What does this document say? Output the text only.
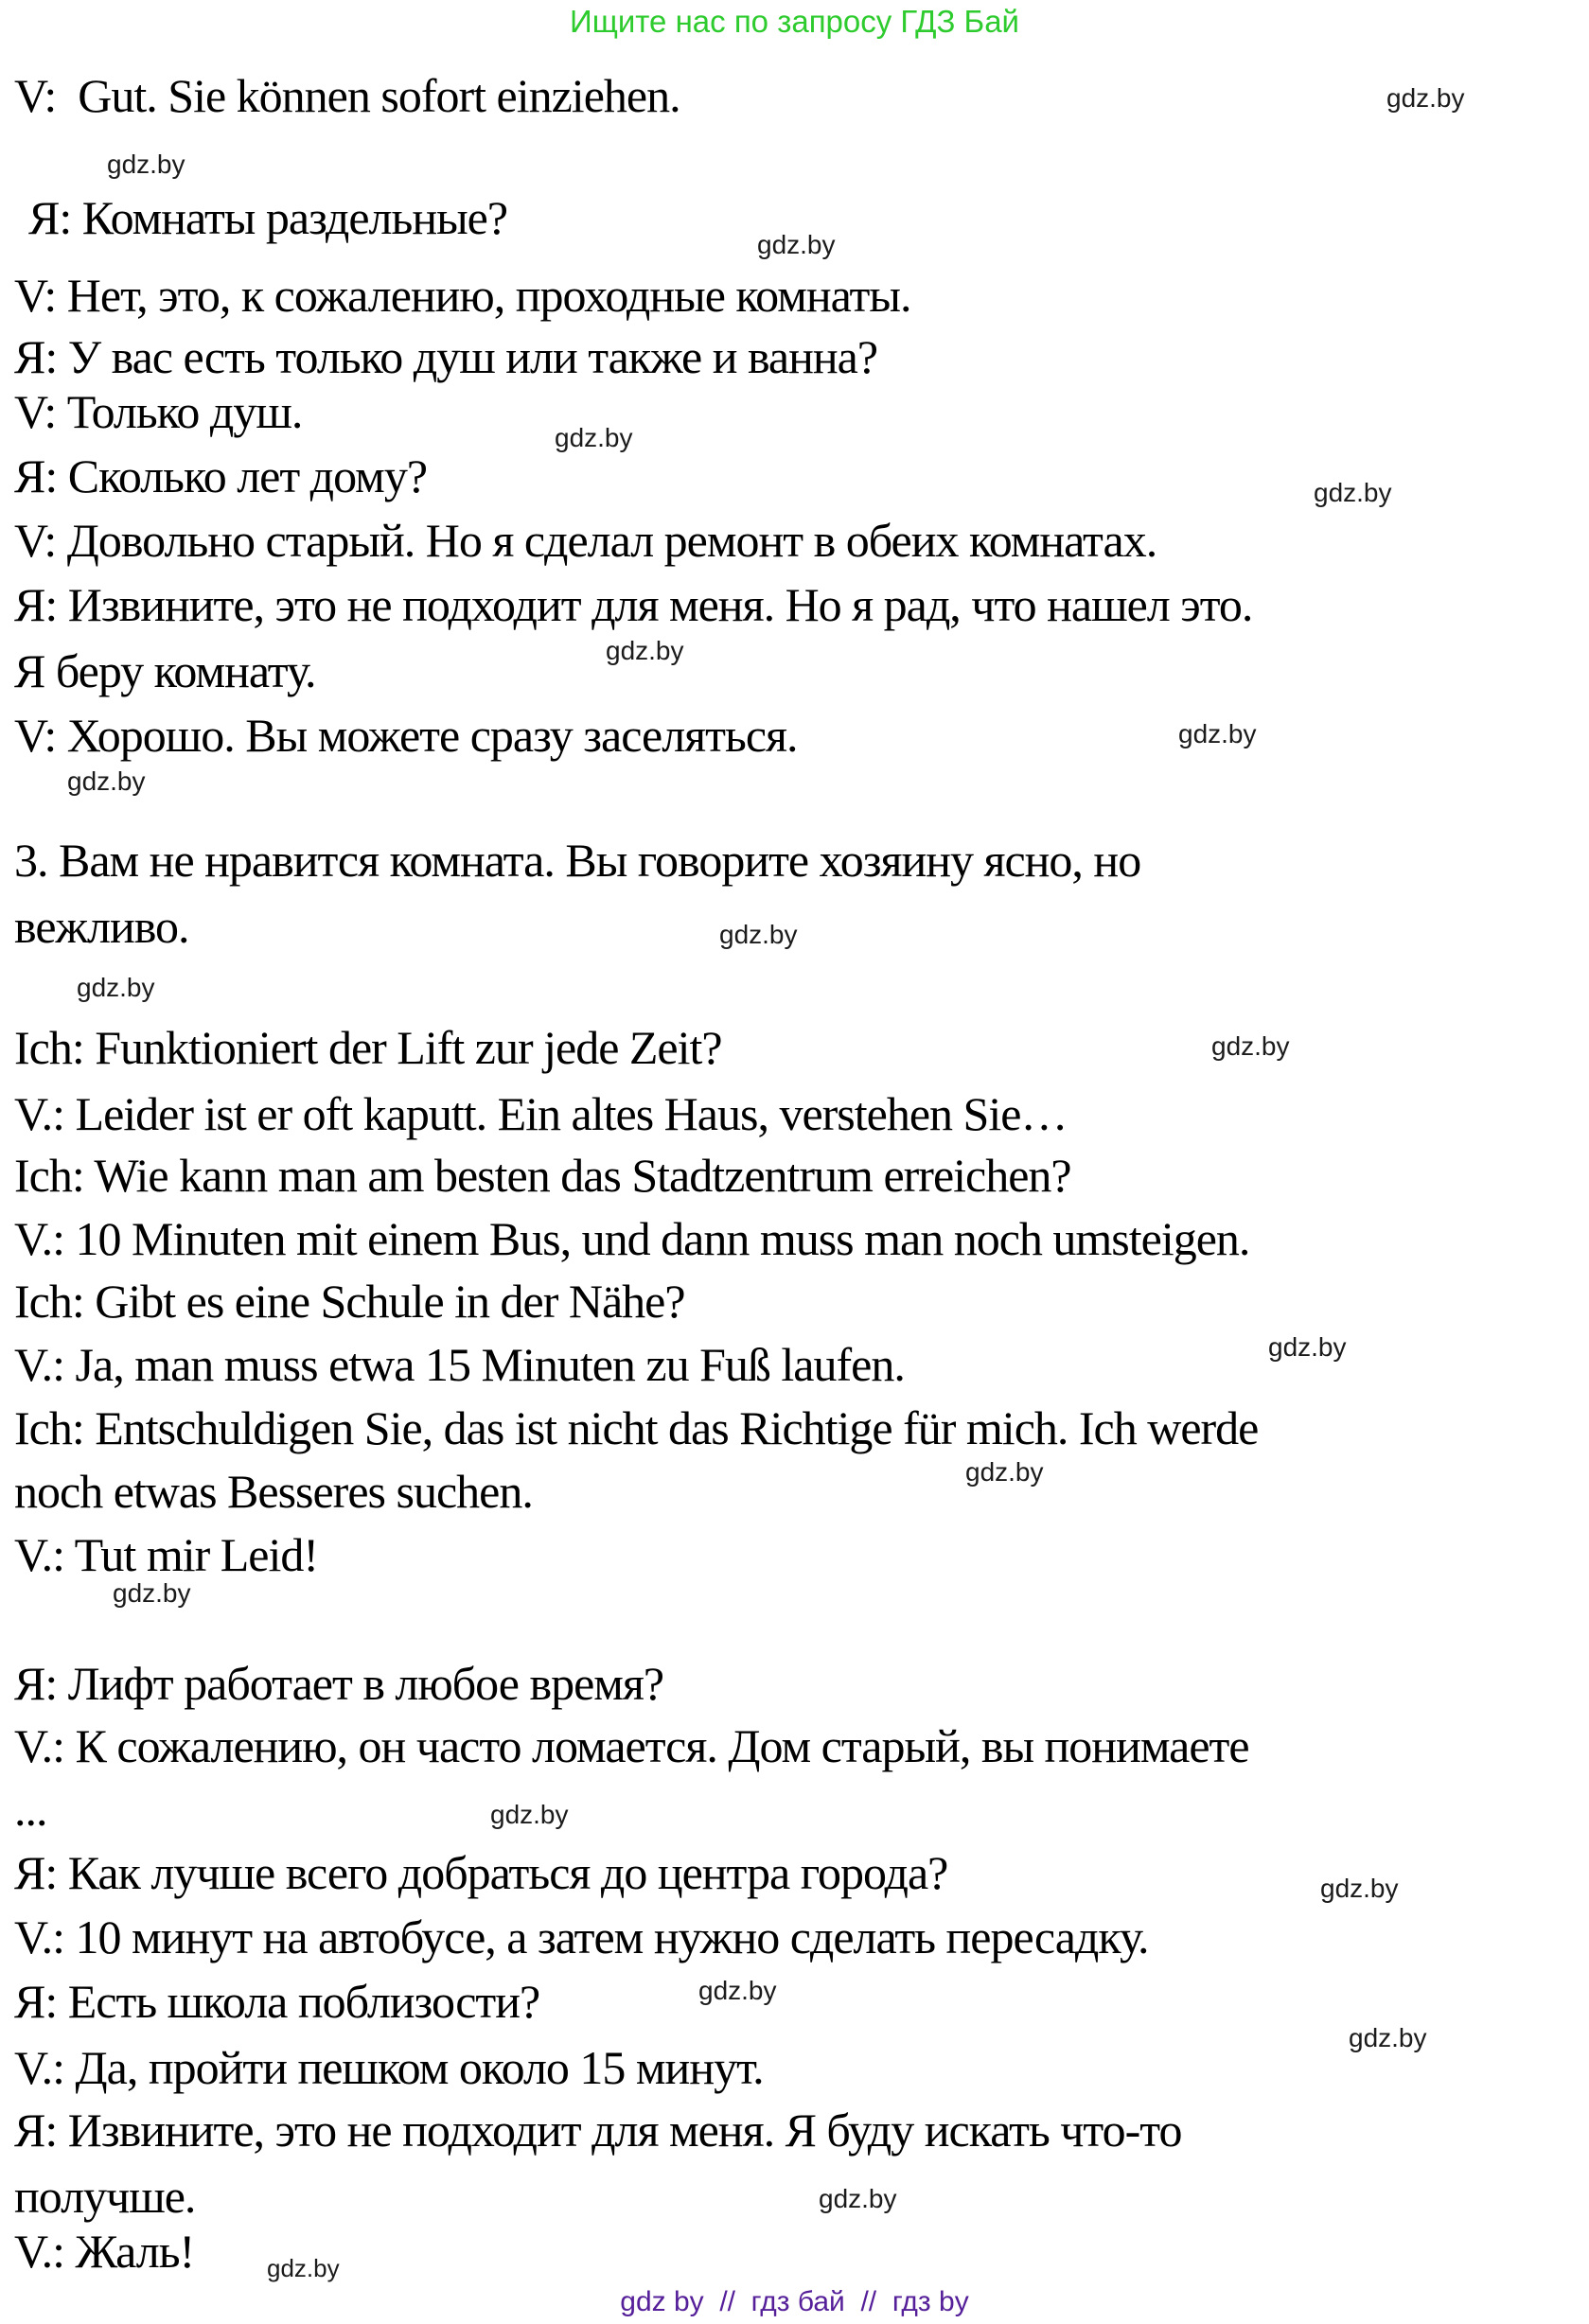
Ищите нас по запросу ГДЗ Бай
V:  Gut. Sie können sofort einziehen.
Я: Комнаты раздельные?
V: Нет, это, к сожалению, проходные комнаты.
Я: У вас есть только душ или также и ванна?
V: Только душ.
Я: Сколько лет дому?
V: Довольно старый. Но я сделал ремонт в обеих комнатах.
Я: Извините, это не подходит для меня. Но я рад, что нашел это.
Я беру комнату.
V: Хорошо. Вы можете сразу заселяться.
3. Вам не нравится комната. Вы говорите хозяину ясно, но
вежливо.
Ich: Funktioniert der Lift zur jede Zeit?
V.: Leider ist er oft kaputt. Ein altes Haus, verstehen Sie…
Ich: Wie kann man am besten das Stadtzentrum erreichen?
V.: 10 Minuten mit einem Bus, und dann muss man noch umsteigen.
Ich: Gibt es eine Schule in der Nähe?
V.: Ja, man muss etwa 15 Minuten zu Fuß laufen.
Ich: Entschuldigen Sie, das ist nicht das Richtige für mich. Ich werde
noch etwas Besseres suchen.
V.: Tut mir Leid!
Я: Лифт работает в любое время?
V.: К сожалению, он часто ломается. Дом старый, вы понимаете
...
Я: Как лучше всего добраться до центра города?
V.: 10 минут на автобусе, а затем нужно сделать пересадку.
Я: Есть школа поблизости?
V.: Да, пройти пешком около 15 минут.
Я: Извините, это не подходит для меня. Я буду искать что-то
получше.
V.: Жаль!
gdz.by
gdz.by
gdz.by
gdz.by
gdz.by
gdz.by
gdz.by
gdz.by
gdz.by
gdz.by
gdz.by
gdz.by
gdz.by
gdz.by
gdz.by
gdz.by
gdz.by
gdz.by
gdz.by
gdz.by
gdz by  //  гдз бай  //  гдз by
